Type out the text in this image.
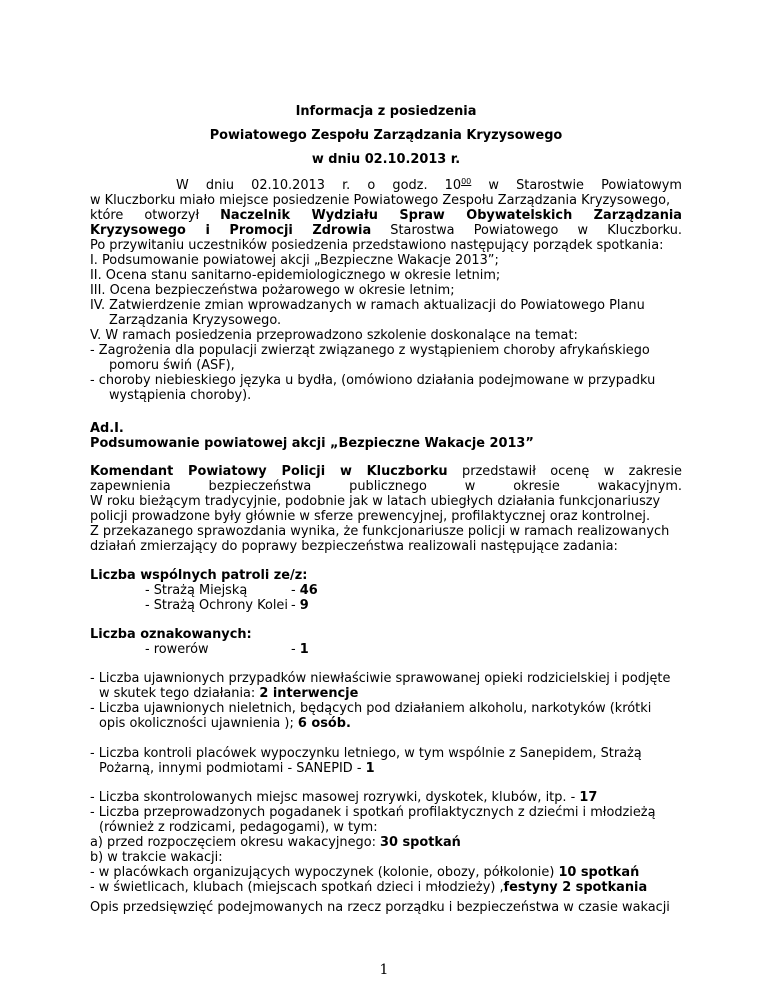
Informacja z posiedzenia
Powiatowego Zespołu Zarządzania Kryzysowego
w dniu 02.10.2013 r.
W dniu 02.10.2013 r. o godz. $10^{00}$ w Starostwie Powiatowym
w Kluczborku miało miejsce posiedzenie Powiatowego Zespołu Zarządzania Kryzysowego,
które otworzył Naczelnik Wydziału Spraw Obywatelskich Zarządzania
Kryzysowego i Promocji Zdrowia Starostwa Powiatowego w Kluczborku.
Po przywitaniu uczestników posiedzenia przedstawiono następujący porządek spotkania:
I. Podsumowanie powiatowej akcji „Bezpieczne Wakacje 2013”;
II. Ocena stanu sanitarno-epidemiologicznego w okresie letnim;
III. Ocena bezpieczeństwa pożarowego w okresie letnim;
IV. Zatwierdzenie zmian wprowadzanych w ramach aktualizacji do Powiatowego Planu
Zarządzania Kryzysowego.
V. W ramach posiedzenia przeprowadzono szkolenie doskonalące na temat:
- Zagrożenia dla populacji zwierząt związanego z wystąpieniem choroby afrykańskiego
pomoru świń (ASF),
- choroby niebieskiego języka u bydła, (omówiono działania podejmowane w przypadku
wystąpienia choroby).
Ad.I.
Podsumowanie powiatowej akcji „Bezpieczne Wakacje 2013”
Komendant Powiatowy Policji w Kluczborku przedstawił ocenę w zakresie
zapewnienia bezpieczeństwa publicznego w okresie wakacyjnym.
W roku bieżącym tradycyjnie, podobnie jak w latach ubiegłych działania funkcjonariuszy
policji prowadzone były głównie w sferze prewencyjnej, profilaktycznej oraz kontrolnej.
Z przekazanego sprawozdania wynika, że funkcjonariusze policji w ramach realizowanych
działań zmierzający do poprawy bezpieczeństwa realizowali następujące zadania:
Liczba wspólnych patroli ze/z:
- Strażą Miejską	- 46
- Strażą Ochrony Kolei - 9
Liczba oznakowanych:
- rowerów	- 1
- Liczba ujawnionych przypadków niewłaściwie sprawowanej opieki rodzicielskiej i podjęte
w skutek tego działania: 2 interwencje
- Liczba ujawnionych nieletnich, będących pod działaniem alkoholu, narkotyków (krótki
opis okoliczności ujawnienia ); 6 osób.
- Liczba kontroli placówek wypoczynku letniego, w tym wspólnie z Sanepidem, Strażą
Pożarną, innymi podmiotami - SANEPID - 1
- Liczba skontrolowanych miejsc masowej rozrywki, dyskotek, klubów, itp. - 17
- Liczba przeprowadzonych pogadanek i spotkań profilaktycznych z dziećmi i młodzieżą
(również z rodzicami, pedagogami), w tym:
a) przed rozpoczęciem okresu wakacyjnego: 30 spotkań
b) w trakcie wakacji:
- w placówkach organizujących wypoczynek (kolonie, obozy, półkolonie) 10 spotkań
- w świetlicach, klubach (miejscach spotkań dzieci i młodzieży) ,festyny 2 spotkania
Opis przedsięwzięć podejmowanych na rzecz porządku i bezpieczeństwa w czasie wakacji
1
